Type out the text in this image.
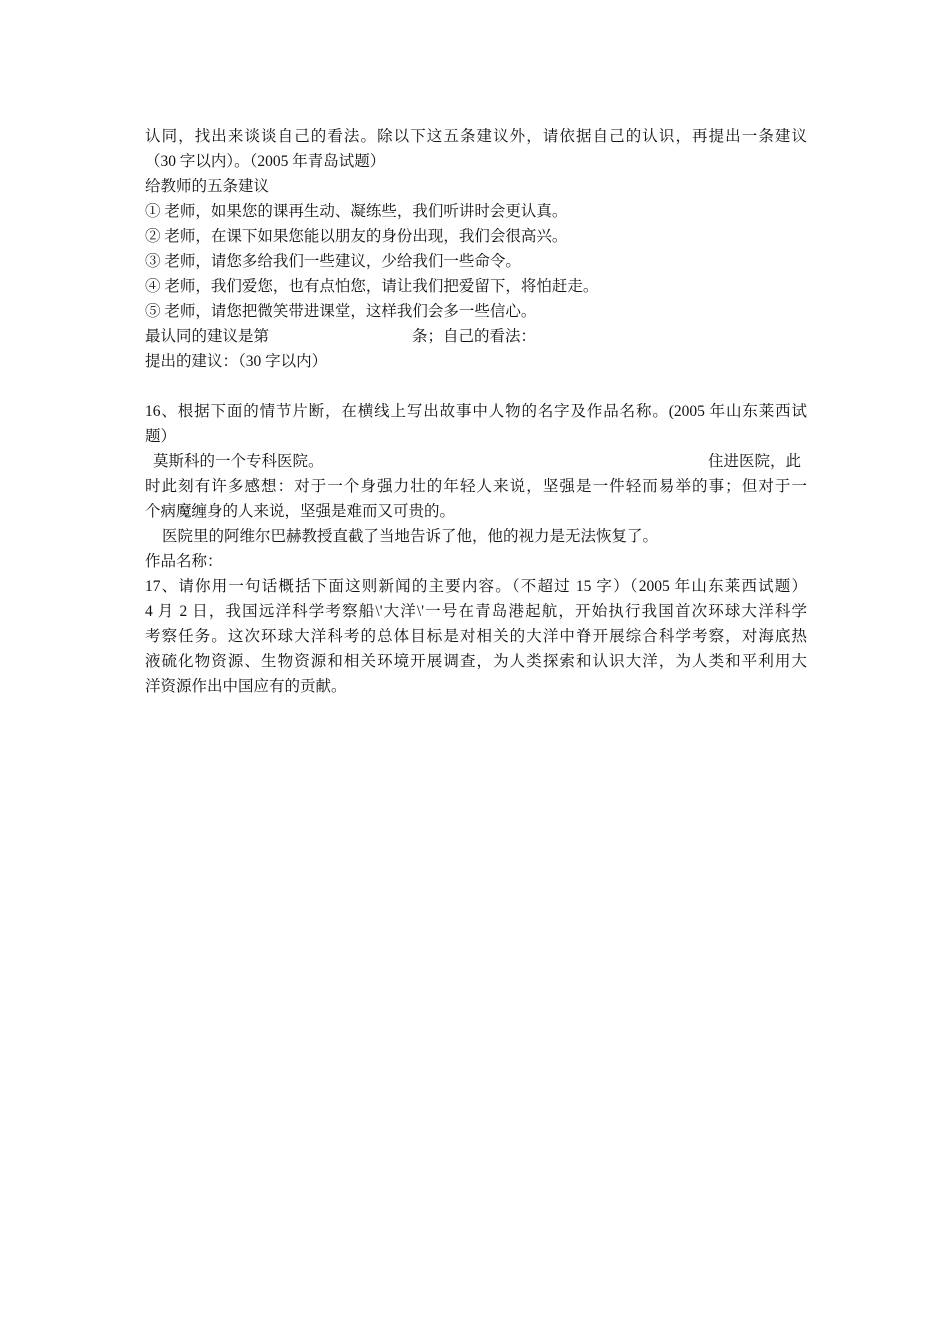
认同，找出来谈谈自己的看法。除以下这五条建议外，请依据自己的认识，再提出一条建议
（30 字以内）。（2005 年青岛试题）
给教师的五条建议
① 老师，如果您的课再生动、凝练些，我们听讲时会更认真。
② 老师，在课下如果您能以朋友的身份出现，我们会很高兴。
③ 老师，请您多给我们一些建议，少给我们一些命令。
④ 老师，我们爱您，也有点怕您，请让我们把爱留下，将怕赶走。
⑤ 老师，请您把微笑带进课堂，这样我们会多一些信心。
最认同的建议是第	条；自己的看法：
提出的建议：（30 字以内）
16、根据下面的情节片断，在横线上写出故事中人物的名字及作品名称。(2005 年山东莱西试
题）
莫斯科的一个专科医院。	住进医院，此
时此刻有许多感想：对于一个身强力壮的年轻人来说，坚强是一件轻而易举的事；但对于一
个病魔缠身的人来说，坚强是难而又可贵的。
医院里的阿维尔巴赫教授直截了当地告诉了他，他的视力是无法恢复了。
作品名称：
17、请你用一句话概括下面这则新闻的主要内容。（不超过 15 字）（2005 年山东莱西试题）
4 月 2 日，我国远洋科学考察船\'大洋\'一号在青岛港起航，开始执行我国首次环球大洋科学
考察任务。这次环球大洋科考的总体目标是对相关的大洋中脊开展综合科学考察，对海底热
液硫化物资源、生物资源和相关环境开展调查，为人类探索和认识大洋，为人类和平利用大
洋资源作出中国应有的贡献。
